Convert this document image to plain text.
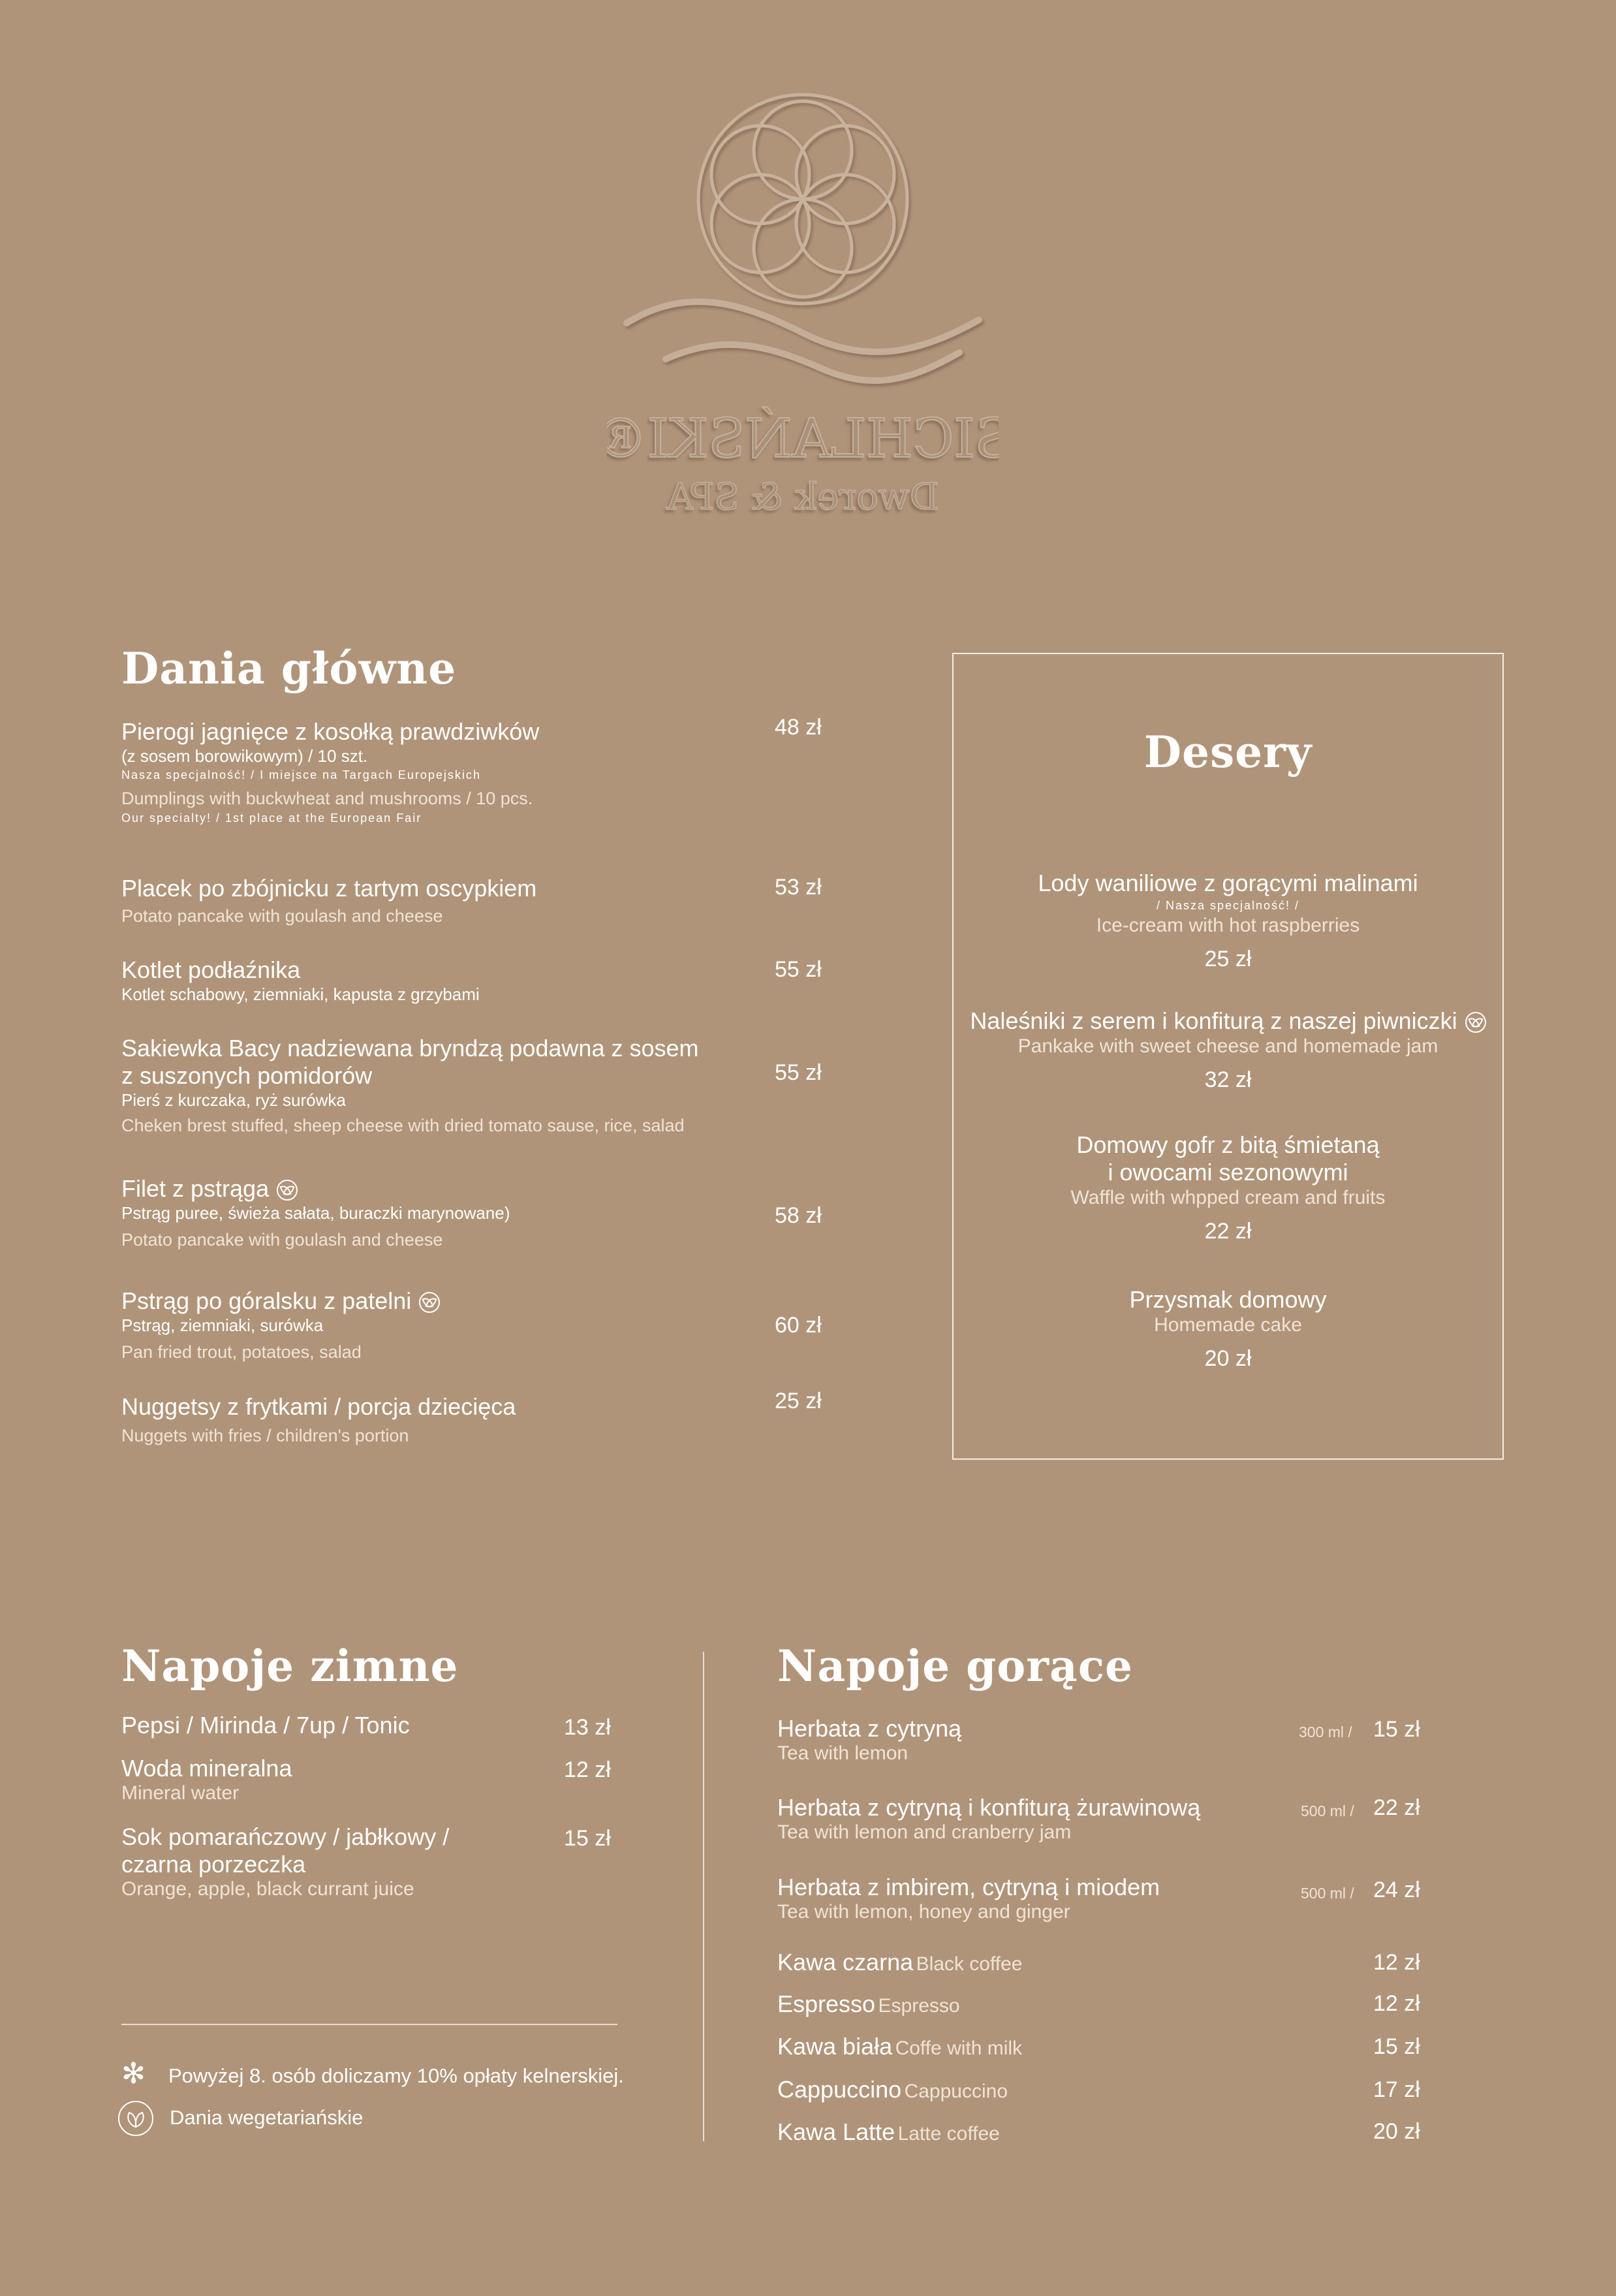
SICHLAŃSKI®
Dworek & SPA
Dania główne
Pierogi jagnięce z kosołką prawdziwków
(z sosem borowikowym) / 10 szt.
Nasza specjalność! / I miejsce na Targach Europejskich
Dumplings with buckwheat and mushrooms / 10 pcs.
Our specialty! / 1st place at the European Fair
48 zł
Placek po zbójnicku z tartym oscypkiem
Potato pancake with goulash and cheese
53 zł
Kotlet podłaźnika
Kotlet schabowy, ziemniaki, kapusta z grzybami
55 zł
Sakiewka Bacy nadziewana bryndzą podawna z sosem
z suszonych pomidorów
Pierś z kurczaka, ryż surówka
Cheken brest stuffed, sheep cheese with dried tomato sause, rice, salad
55 zł
Filet z pstrąga
Pstrąg puree, świeża sałata, buraczki marynowane)
Potato pancake with goulash and cheese
58 zł
Pstrąg po góralsku z patelni
Pstrąg, ziemniaki, surówka
Pan fried trout, potatoes, salad
60 zł
Nuggetsy z frytkami / porcja dziecięca
Nuggets with fries / children's portion
25 zł
Desery
Lody waniliowe z gorącymi malinami
/ Nasza specjalność! /
Ice-cream with hot raspberries
25 zł
Naleśniki z serem i konfiturą z naszej piwniczki
Pankake with sweet cheese and homemade jam
32 zł
Domowy gofr z bitą śmietaną
i owocami sezonowymi
Waffle with whpped cream and fruits
22 zł
Przysmak domowy
Homemade cake
20 zł
Napoje zimne
Pepsi / Mirinda / 7up / Tonic	13 zł
Woda mineralna
Mineral water
12 zł
Sok pomarańczowy / jabłkowy /
czarna porzeczka
Orange, apple, black currant juice
15 zł
✻ Powyżej 8. osób doliczamy 10% opłaty kelnerskiej.
Dania wegetariańskie
Napoje gorące
Herbata z cytryną
Tea with lemon
300 ml / 15 zł
Herbata z cytryną i konfiturą żurawinową
Tea with lemon and cranberry jam
500 ml / 22 zł
Herbata z imbirem, cytryną i miodem
Tea with lemon, honey and ginger
500 ml / 24 zł
Kawa czarna Black coffee	12 zł
Espresso Espresso	12 zł
Kawa biała Coffe with milk	15 zł
Cappuccino Cappuccino	17 zł
Kawa Latte Latte coffee	20 zł
